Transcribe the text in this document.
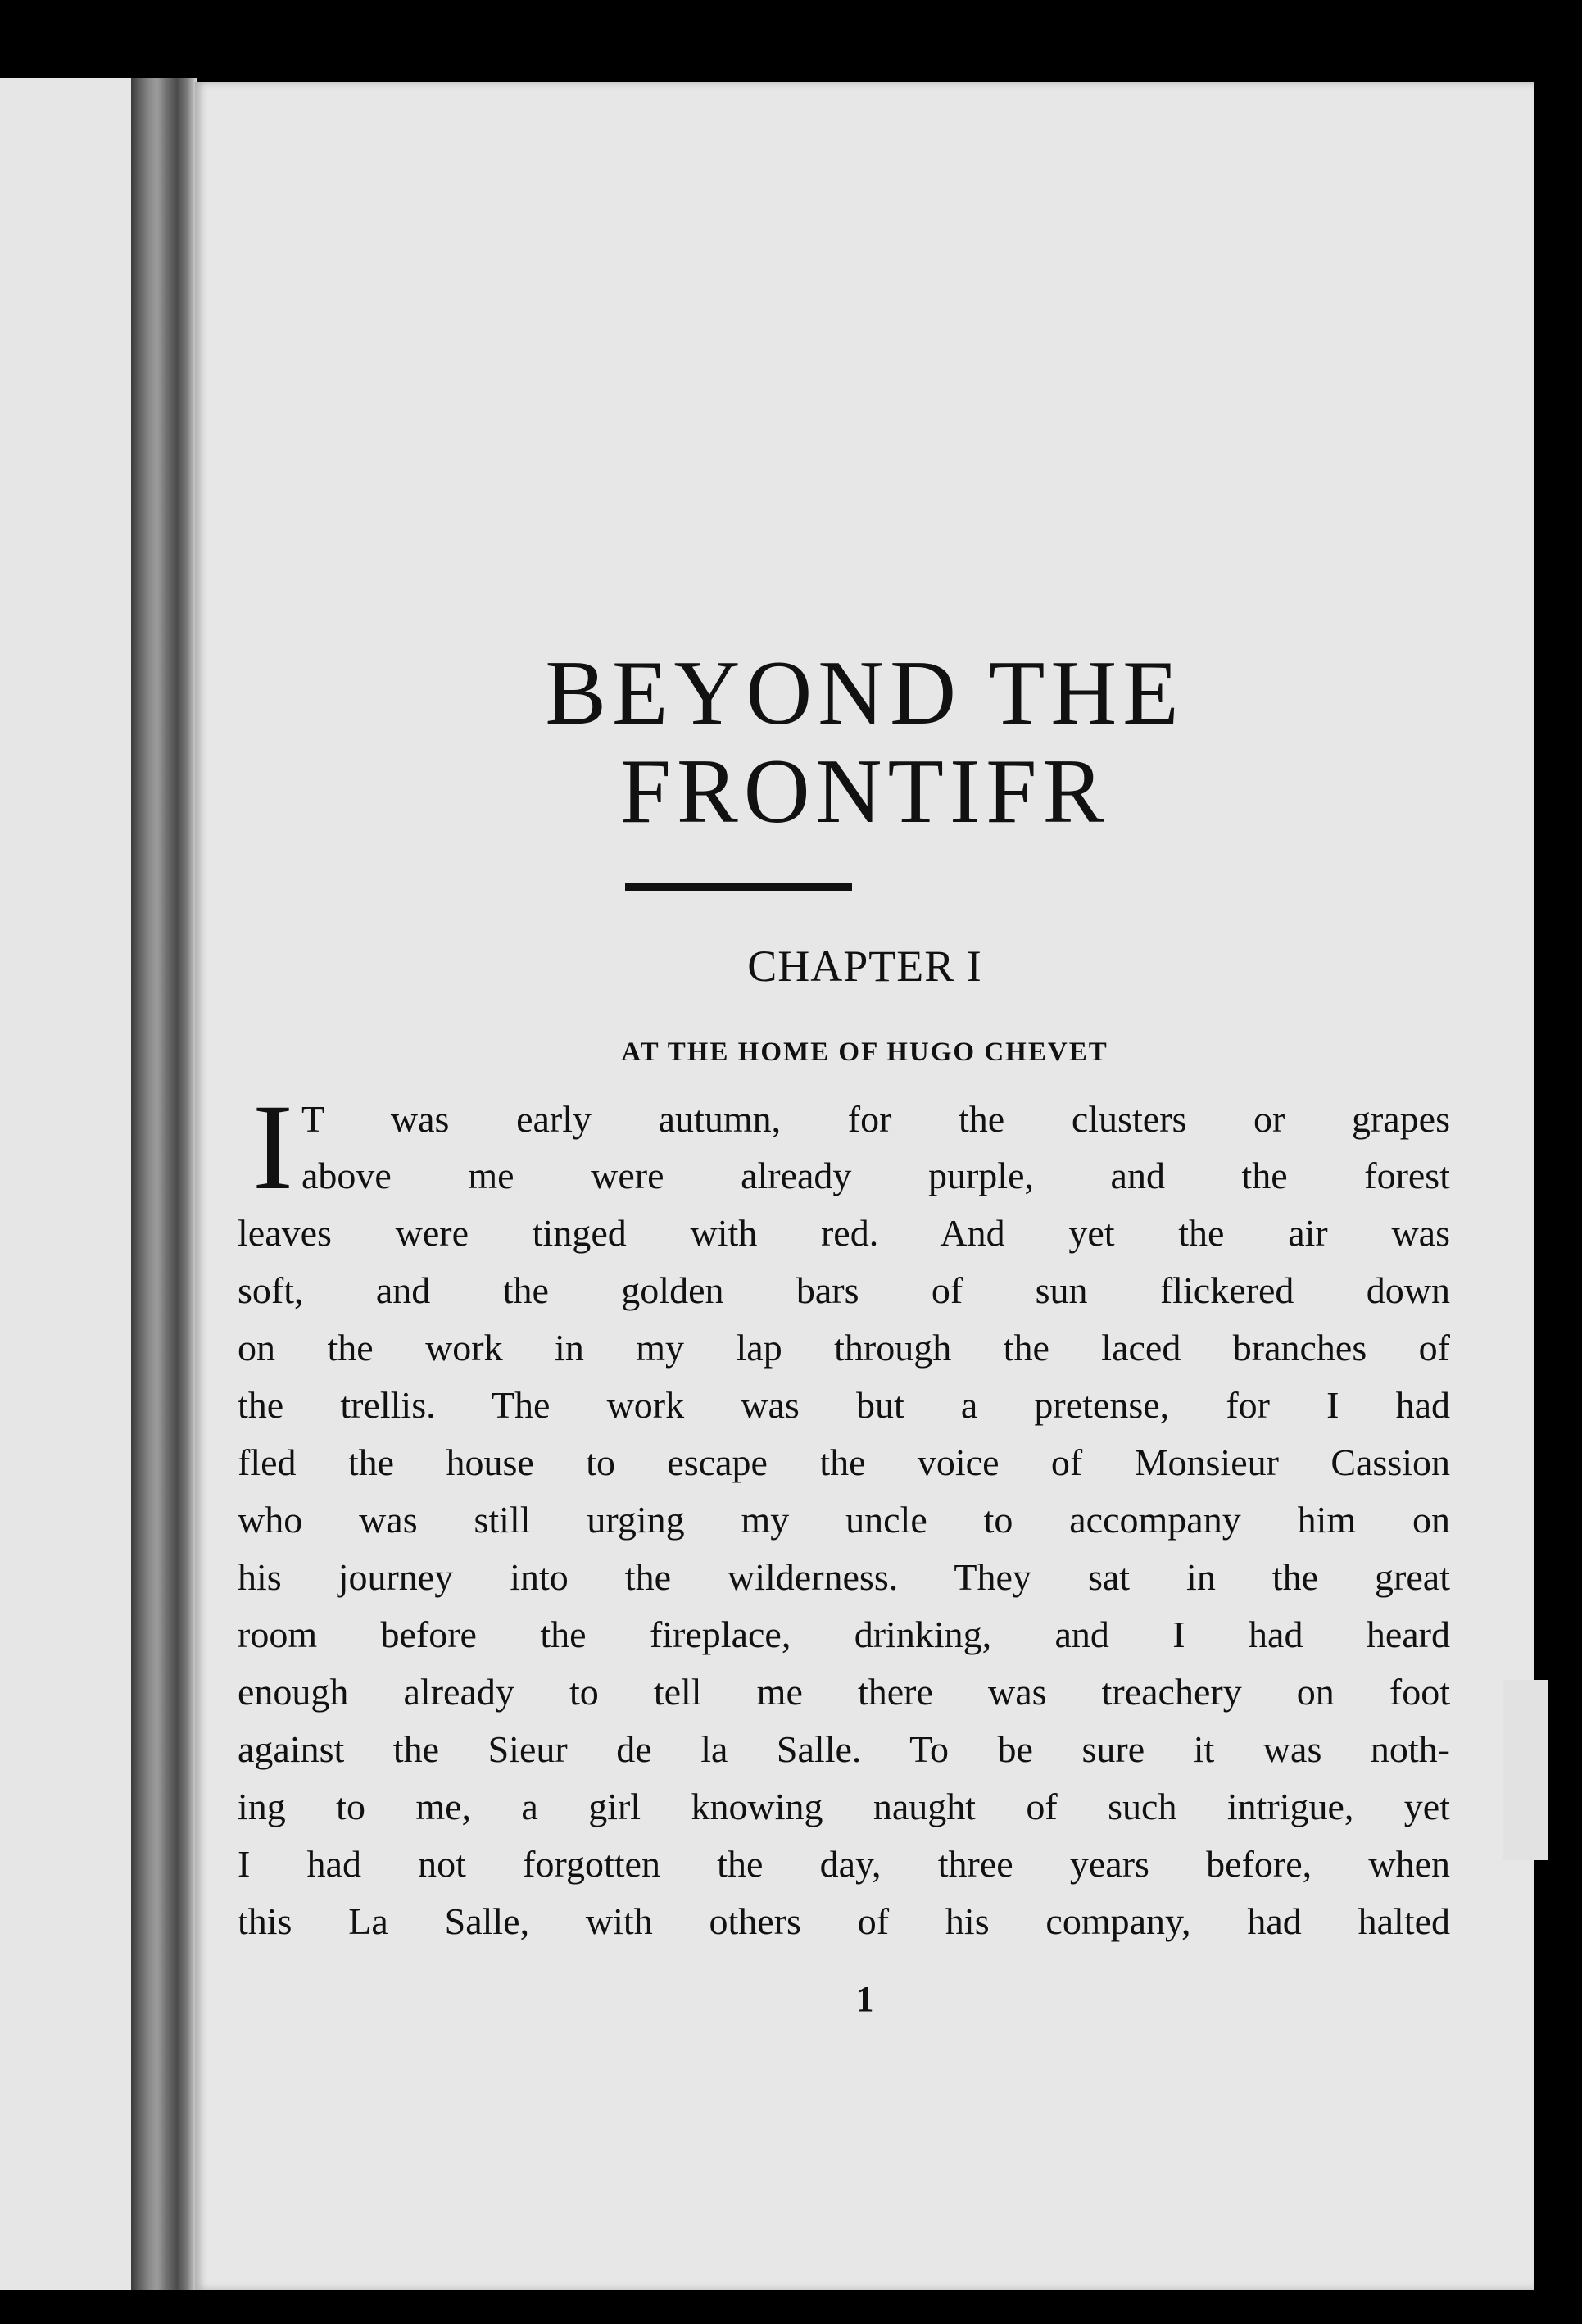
BEYOND THE
FRONTIFR
CHAPTER I
AT THE HOME OF HUGO CHEVET
I T was early autumn, for the clusters or grapes
above me were already purple, and the forest
leaves were tinged with red. And yet the air was
soft, and the golden bars of sun flickered down
on the work in my lap through the laced branches of
the trellis. The work was but a pretense, for I had
fled the house to escape the voice of Monsieur Cassion
who was still urging my uncle to accompany him on
his journey into the wilderness. They sat in the great
room before the fireplace, drinking, and I had heard
enough already to tell me there was treachery on foot
against the Sieur de la Salle. To be sure it was noth-
ing to me, a girl knowing naught of such intrigue, yet
I had not forgotten the day, three years before, when
this La Salle, with others of his company, had halted
1
